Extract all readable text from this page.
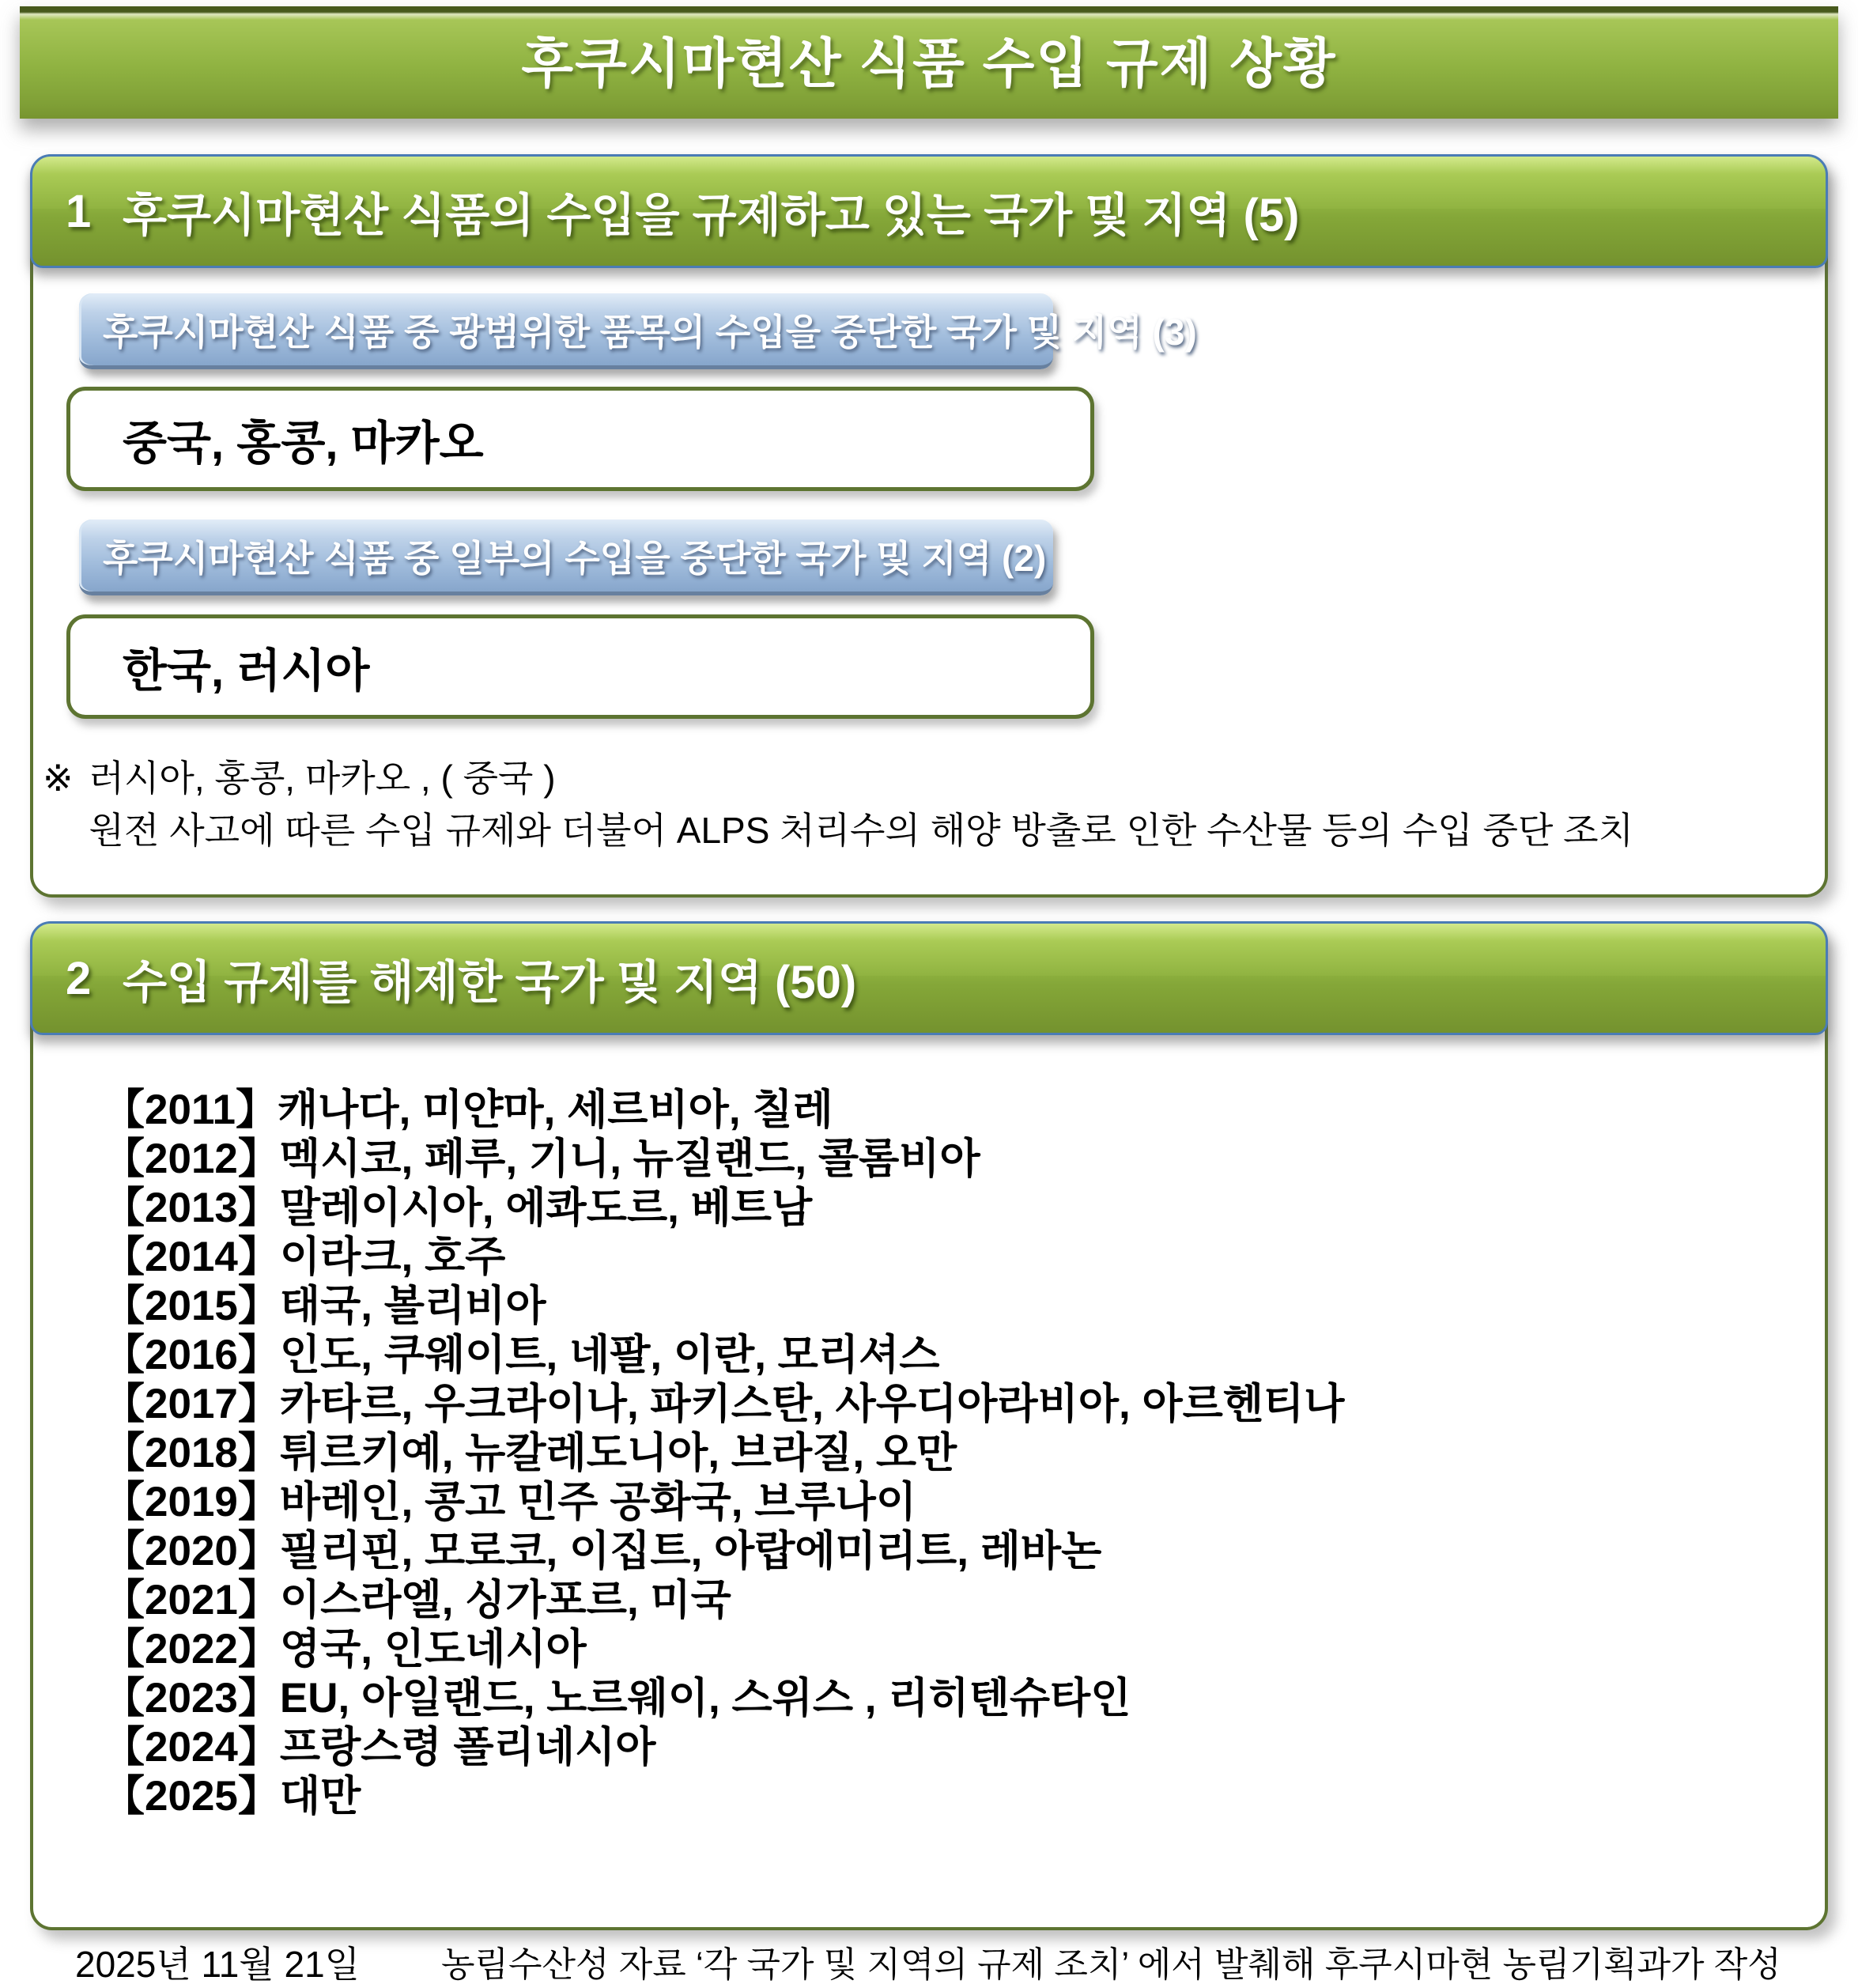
후쿠시마현산 식품 수입 규제 상황
1 후쿠시마현산 식품의 수입을 규제하고 있는 국가 및 지역 (5)
후쿠시마현산 식품 중 광범위한 품목의 수입을 중단한 국가 및 지역 (3)
중국, 홍콩, 마카오
후쿠시마현산 식품 중 일부의 수입을 중단한 국가 및 지역 (2)
한국, 러시아
※ 러시아, 홍콩, 마카오 , ( 중국 )
원전 사고에 따른 수입 규제와 더불어 ALPS 처리수의 해양 방출로 인한 수산물 등의 수입 중단 조치
2 수입 규제를 해제한 국가 및 지역 (50)
【2011】캐나다, 미얀마, 세르비아, 칠레
【2012】멕시코, 페루, 기니, 뉴질랜드, 콜롬비아
【2013】말레이시아, 에콰도르, 베트남
【2014】이라크, 호주
【2015】태국, 볼리비아
【2016】인도, 쿠웨이트, 네팔, 이란, 모리셔스
【2017】카타르, 우크라이나, 파키스탄, 사우디아라비아, 아르헨티나
【2018】튀르키예, 뉴칼레도니아, 브라질, 오만
【2019】바레인, 콩고 민주 공화국, 브루나이
【2020】필리핀, 모로코, 이집트, 아랍에미리트, 레바논
【2021】이스라엘, 싱가포르, 미국
【2022】영국, 인도네시아
【2023】EU, 아일랜드, 노르웨이, 스위스 , 리히텐슈타인
【2024】프랑스령 폴리네시아
【2025】대만
2025년 11월 21일 농림수산성 자료 ‘각 국가 및 지역의 규제 조치’ 에서 발췌해 후쿠시마현 농림기획과가 작성
